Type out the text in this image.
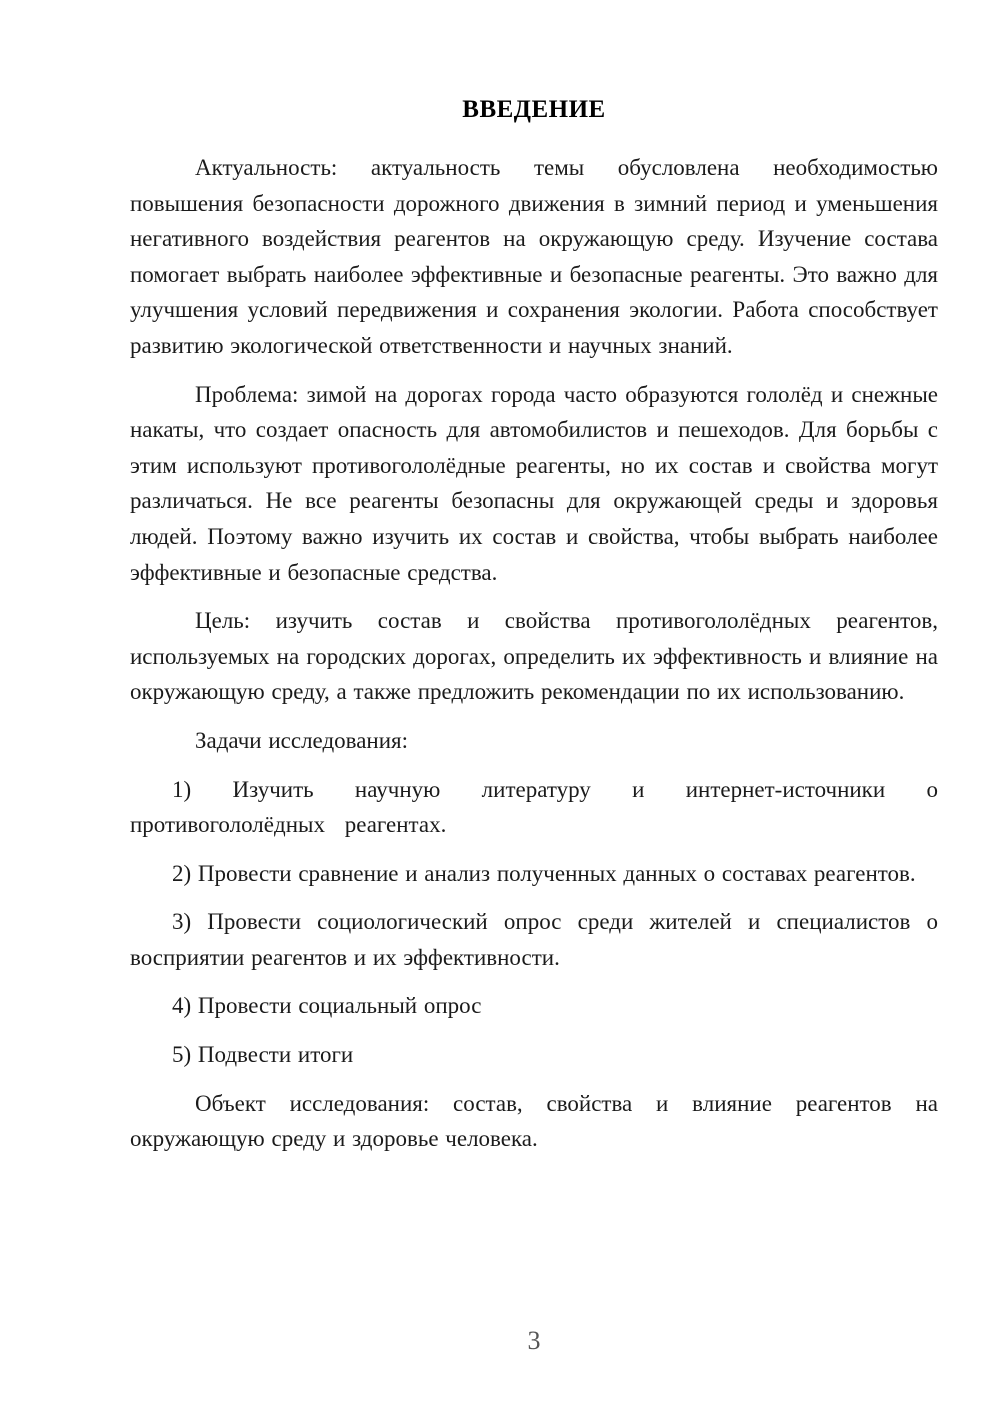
ВВЕДЕНИЕ

Актуальность: актуальность темы обусловлена необходимостью повышения безопасности дорожного движения в зимний период и уменьшения негативного воздействия реагентов на окружающую среду. Изучение состава помогает выбрать наиболее эффективные и безопасные реагенты. Это важно для улучшения условий передвижения и сохранения экологии. Работа способствует развитию экологической ответственности и научных знаний.

Проблема: зимой на дорогах города часто образуются гололёд и снежные накаты, что создает опасность для автомобилистов и пешеходов. Для борьбы с этим используют противогололёдные реагенты, но их состав и свойства могут различаться. Не все реагенты безопасны для окружающей среды и здоровья людей. Поэтому важно изучить их состав и свойства, чтобы выбрать наиболее эффективные и безопасные средства.

Цель: изучить состав и свойства противогололёдных реагентов, используемых на городских дорогах, определить их эффективность и влияние на окружающую среду, а также предложить рекомендации по их использованию.

Задачи исследования:

1) Изучить научную литературу и интернет-источники о противогололёдных реагентах.

2) Провести сравнение и анализ полученных данных о составах реагентов.

3) Провести социологический опрос среди жителей и специалистов о восприятии реагентов и их эффективности.

4) Провести социальный опрос

5) Подвести итоги

Объект исследования: состав, свойства и влияние реагентов на окружающую среду и здоровье человека.

3
